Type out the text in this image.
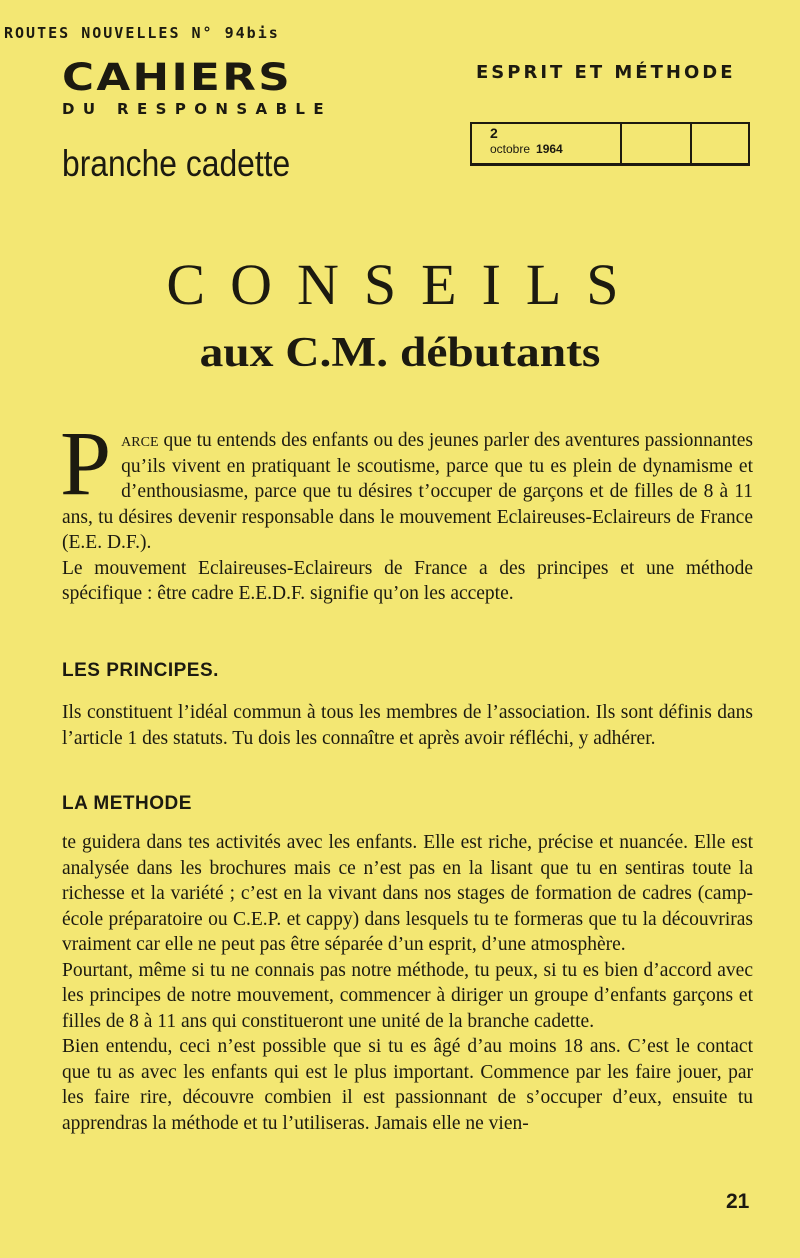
ROUTES NOUVELLES N° 94bis
CAHIERS
DU RESPONSABLE
branche cadette
ESPRIT ET MÉTHODE
2
octobre 1964
CONSEILS
aux C.M. débutants

Parce que tu entends des enfants ou des jeunes parler des aventures passionnantes qu’ils vivent en pratiquant le scoutisme, parce que tu es plein de dynamisme et d’enthousiasme, parce que tu désires t’occuper de garçons et de filles de 8 à 11 ans, tu désires devenir responsable dans le mouvement Eclaireuses-Eclaireurs de France (E.E. D.F.).

Le mouvement Eclaireuses-Eclaireurs de France a des principes et une méthode spécifique : être cadre E.E.D.F. signifie qu’on les accepte.

LES PRINCIPES.

Ils constituent l’idéal commun à tous les membres de l’association. Ils sont définis dans l’article 1 des statuts. Tu dois les connaître et après avoir réfléchi, y adhérer.

LA METHODE

te guidera dans tes activités avec les enfants. Elle est riche, précise et nuancée. Elle est analysée dans les brochures mais ce n’est pas en la lisant que tu en sentiras toute la richesse et la variété ; c’est en la vivant dans nos stages de formation de cadres (camp-école préparatoire ou C.E.P. et cappy) dans lesquels tu te formeras que tu la découvriras vraiment car elle ne peut pas être séparée d’un esprit, d’une atmosphère.

Pourtant, même si tu ne connais pas notre méthode, tu peux, si tu es bien d’accord avec les principes de notre mouvement, commencer à diriger un groupe d’enfants garçons et filles de 8 à 11 ans qui constitueront une unité de la branche cadette.

Bien entendu, ceci n’est possible que si tu es âgé d’au moins 18 ans. C’est le contact que tu as avec les enfants qui est le plus important. Commence par les faire jouer, par les faire rire, découvre combien il est passionnant de s’occuper d’eux, ensuite tu apprendras la méthode et tu l’utiliseras. Jamais elle ne vien-

21
